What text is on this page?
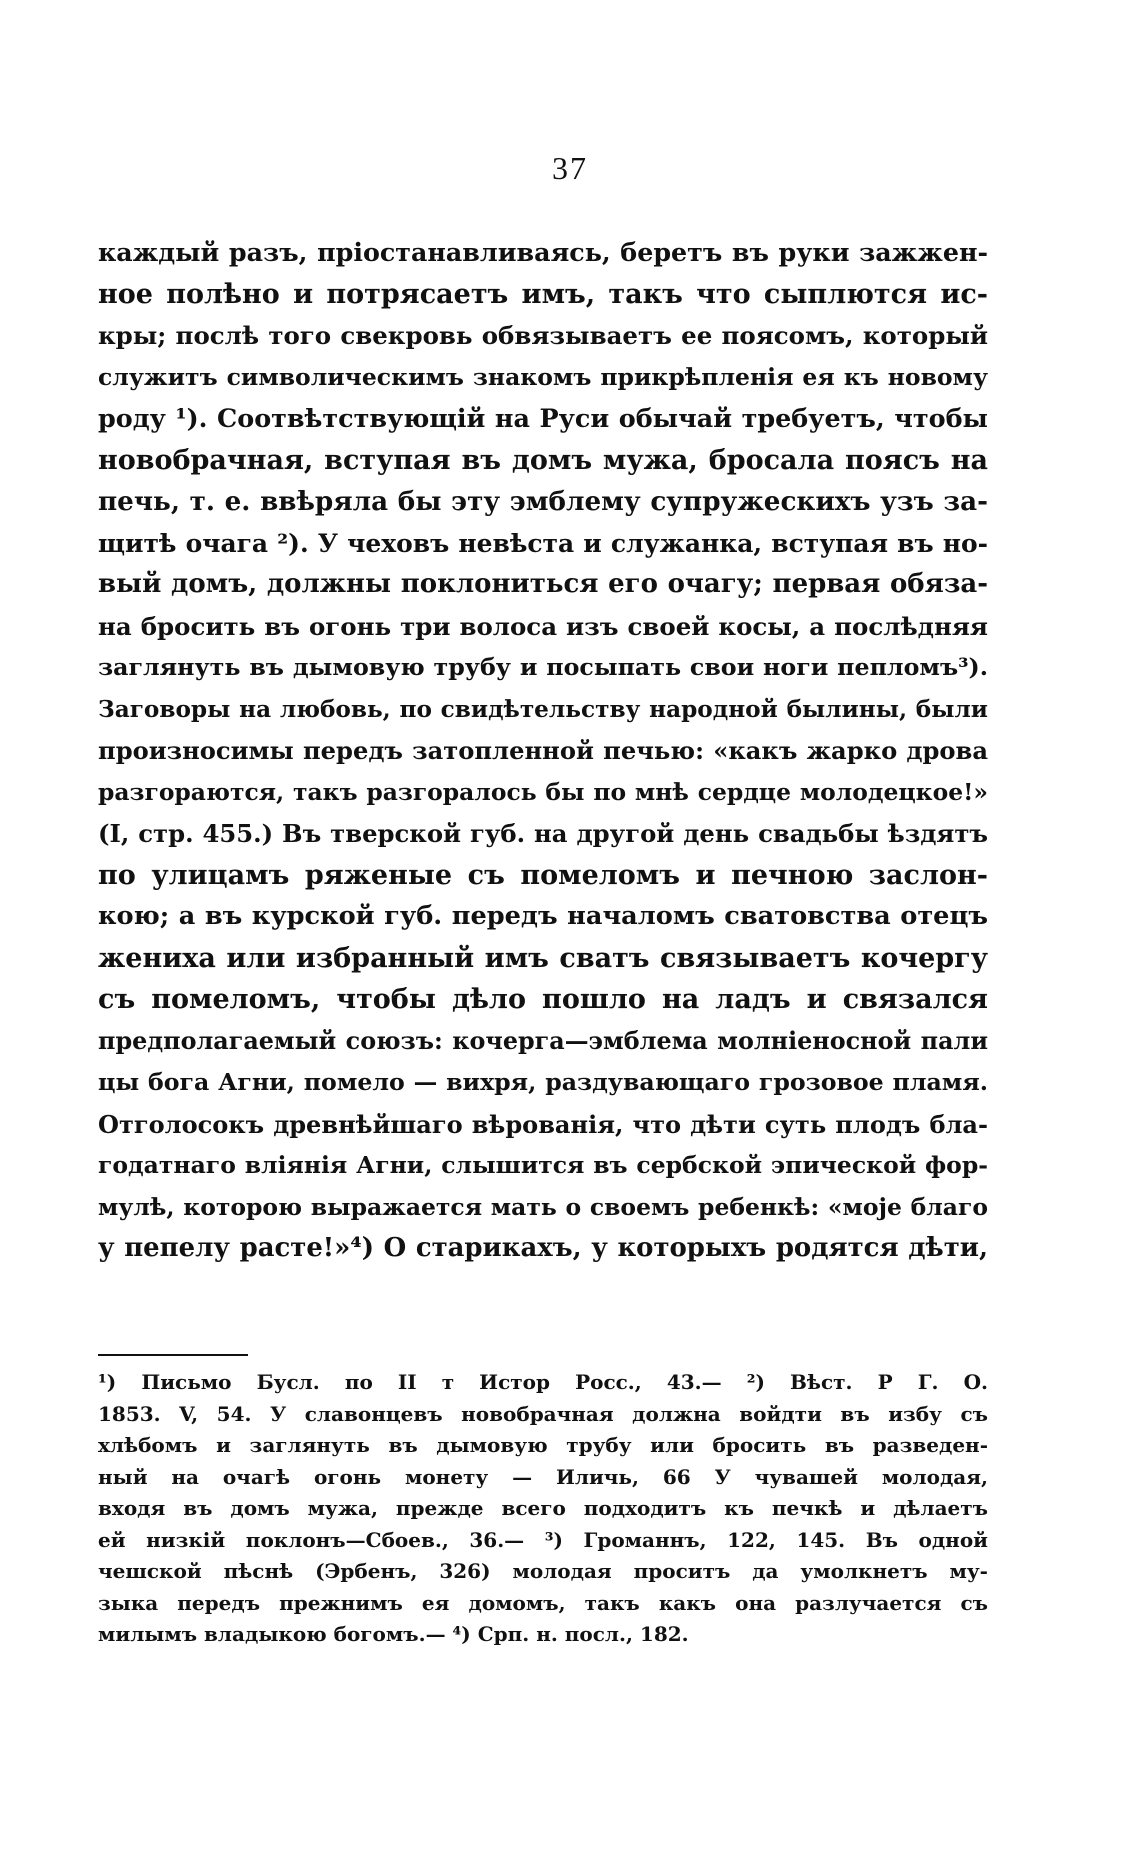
37
каждый разъ, пріостанавливаясь, беретъ въ руки зажжен-
ное полѣно и потрясаетъ имъ, такъ что сыплются ис-
кры; послѣ того свекровь обвязываетъ ее поясомъ, который
служитъ символическимъ знакомъ прикрѣпленія ея къ новому
роду ¹). Соотвѣтствующій на Руси обычай требуетъ, чтобы
новобрачная, вступая въ домъ мужа, бросала поясъ на
печь, т. е. ввѣряла бы эту эмблему супружескихъ узъ за-
щитѣ очага ²). У чеховъ невѣста и служанка, вступая въ но-
вый домъ, должны поклониться его очагу; первая обяза-
на бросить въ огонь три волоса изъ своей косы, а послѣдняя
заглянуть въ дымовую трубу и посыпать свои ноги пепломъ³).
Заговоры на любовь, по свидѣтельству народной былины, были
произносимы передъ затопленной печью: «какъ жарко дрова
разгораются, такъ разгоралось бы по мнѣ сердце молодецкое!»
(I, стр. 455.) Въ тверской губ. на другой день свадьбы ѣздятъ
по улицамъ ряженые съ помеломъ и печною заслон-
кою; а въ курской губ. передъ началомъ сватовства отецъ
жениха или избранный имъ сватъ связываетъ кочергу
съ помеломъ, чтобы дѣло пошло на ладъ и связался
предполагаемый союзъ: кочерга—эмблема молніеносной пали
цы бога Агни, помело — вихря, раздувающаго грозовое пламя.
Отголосокъ древнѣйшаго вѣрованія, что дѣти суть плодъ бла-
годатнаго вліянія Агни, слышится въ сербской эпической фор-
мулѣ, которою выражается мать о своемъ ребенкѣ: «моје благо
у пепелу расте!»⁴) О старикахъ, у которыхъ родятся дѣти,
¹) Письмо Бусл. по II т Истор Росс., 43.— ²) Вѣст. Р Г. О.
1853. V, 54. У славонцевъ новобрачная должна войдти въ избу съ
хлѣбомъ и заглянуть въ дымовую трубу или бросить въ разведен-
ный на очагѣ огонь монету — Иличь, 66 У чувашей молодая,
входя въ домъ мужа, прежде всего подходитъ къ печкѣ и дѣлаетъ
ей низкій поклонъ—Сбоев., 36.— ³) Громаннъ, 122, 145. Въ одной
чешской пѣснѣ (Эрбенъ, 326) молодая проситъ да умолкнетъ му-
зыка передъ прежнимъ ея домомъ, такъ какъ она разлучается съ
милымъ владыкою богомъ.— ⁴) Срп. н. посл., 182.
